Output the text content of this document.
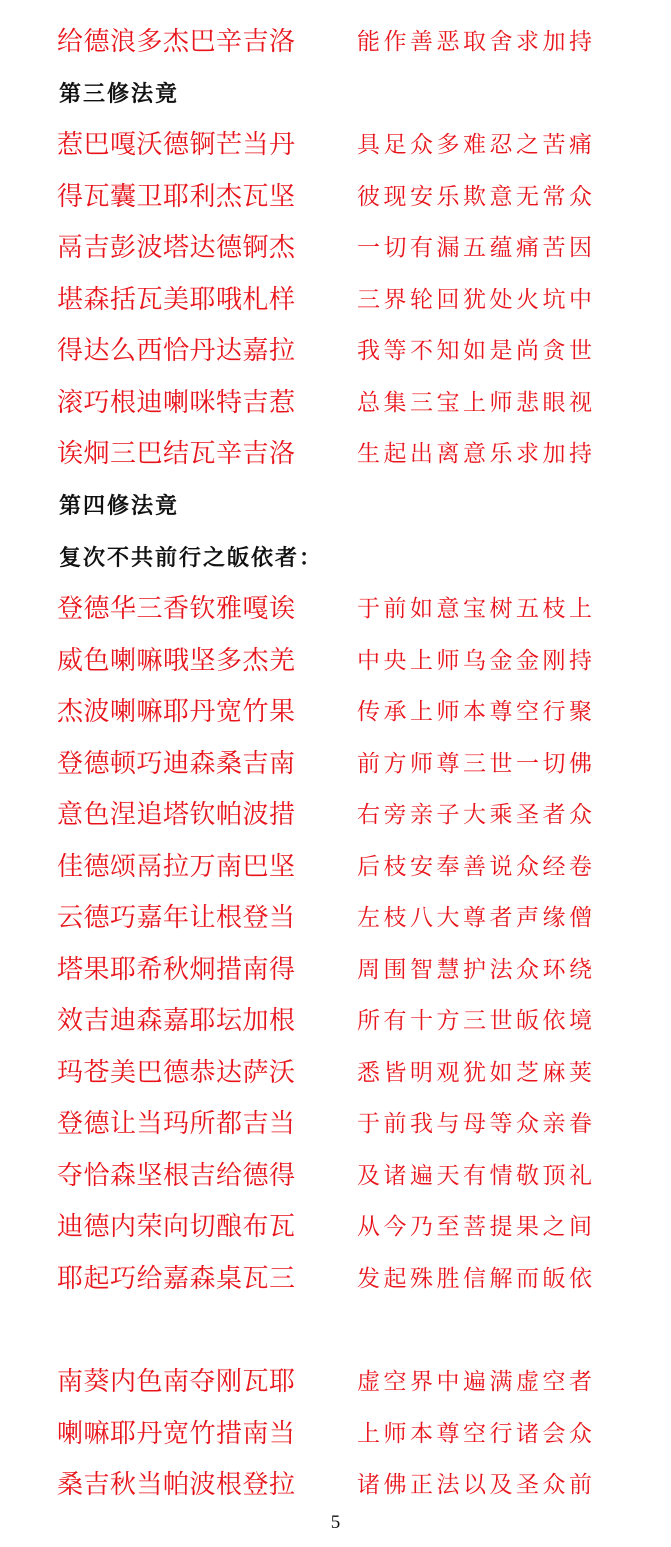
给德浪多杰巴辛吉洛	能作善恶取舍求加持
第三修法竟
惹巴嘎沃德锕芒当丹	具足众多难忍之苦痛
得瓦囊卫耶利杰瓦坚	彼现安乐欺意无常众
鬲吉彭波塔达德锕杰	一切有漏五蕴痛苦因
堪森括瓦美耶哦札样	三界轮回犹处火坑中
得达么西恰丹达嘉拉	我等不知如是尚贪世
滚巧根迪喇咪特吉惹	总集三宝上师悲眼视
诶炯三巴结瓦辛吉洛	生起出离意乐求加持
第四修法竟
复次不共前行之皈依者：
登德华三香钦雅嘎诶	于前如意宝树五枝上
威色喇嘛哦坚多杰羌	中央上师乌金金刚持
杰波喇嘛耶丹宽竹果	传承上师本尊空行聚
登德顿巧迪森桑吉南	前方师尊三世一切佛
意色涅追塔钦帕波措	右旁亲子大乘圣者众
佳德颂鬲拉万南巴坚	后枝安奉善说众经卷
云德巧嘉年让根登当	左枝八大尊者声缘僧
塔果耶希秋炯措南得	周围智慧护法众环绕
效吉迪森嘉耶坛加根	所有十方三世皈依境
玛苍美巴德恭达萨沃	悉皆明观犹如芝麻荚
登德让当玛所都吉当	于前我与母等众亲眷
夺恰森坚根吉给德得	及诸遍天有情敬顶礼
迪德内荣向切酿布瓦	从今乃至菩提果之间
耶起巧给嘉森桌瓦三	发起殊胜信解而皈依
南葵内色南夺刚瓦耶	虚空界中遍满虚空者
喇嘛耶丹宽竹措南当	上师本尊空行诸会众
桑吉秋当帕波根登拉	诸佛正法以及圣众前
5
